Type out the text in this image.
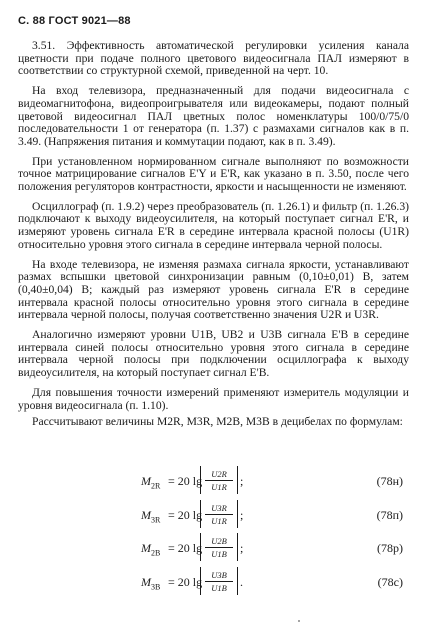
С. 88 ГОСТ 9021—88

3.51. Эффективность автоматической регулировки усиления канала цветности при подаче полного цветового видеосигнала ПАЛ измеряют в соответствии со структурной схемой, приведенной на черт. 10.

На вход телевизора, предназначенный для подачи видеосигнала с видеомагнитофона, видеопроигрывателя или видеокамеры, подают полный цветовой видеосигнал ПАЛ цветных полос номенклатуры 100/0/75/0 последовательности 1 от генератора (п. 1.37) с размахами сигналов как в п. 3.49. (Напряжения питания и коммутации подают, как в п. 3.49).

При установленном нормированном сигнале выполняют по возможности точное матрицирование сигналов E'Y и E'R, как указано в п. 3.50, после чего положения регуляторов контрастности, яркости и насыщенности не изменяют.

Осциллограф (п. 1.9.2) через преобразователь (п. 1.26.1) и фильтр (п. 1.26.3) подключают к выходу видеоусилителя, на который поступает сигнал E'R, и измеряют уровень сигнала E'R в середине интервала красной полосы (U1R) относительно уровня этого сигнала в середине интервала черной полосы.

На входе телевизора, не изменяя размаха сигнала яркости, устанавливают размах вспышки цветовой синхронизации равным (0,10±0,01) В, затем (0,40±0,04) В; каждый раз измеряют уровень сигнала E'R в середине интервала красной полосы относительно уровня этого сигнала в середине интервала черной полосы, получая соответственно значения U2R и U3R.

Аналогично измеряют уровни U1B, UB2 и U3B сигнала E'B в середине интервала синей полосы относительно уровня этого сигнала в середине интервала черной полосы при подключении осциллографа к выходу видеоусилителя, на который поступает сигнал E'B.

Для повышения точности измерений применяют измеритель модуляции и уровня видеосигнала (п. 1.10).

Рассчитывают величины M2R, M3R, M2B, M3B в децибелах по формулам:

$M_{2R} = 20$ $\lg \frac{U2R}{U1R}$ ;	(78н)
$M_{3R} = 20$ $\lg \frac{U3R}{U1R}$ ;	(78п)
$M_{2B} = 20$ $\lg \frac{U2B}{U1B}$ ;	(78р)
$M_{3B} = 20$ $\lg \frac{U3B}{U1B}$ .	(78с)
